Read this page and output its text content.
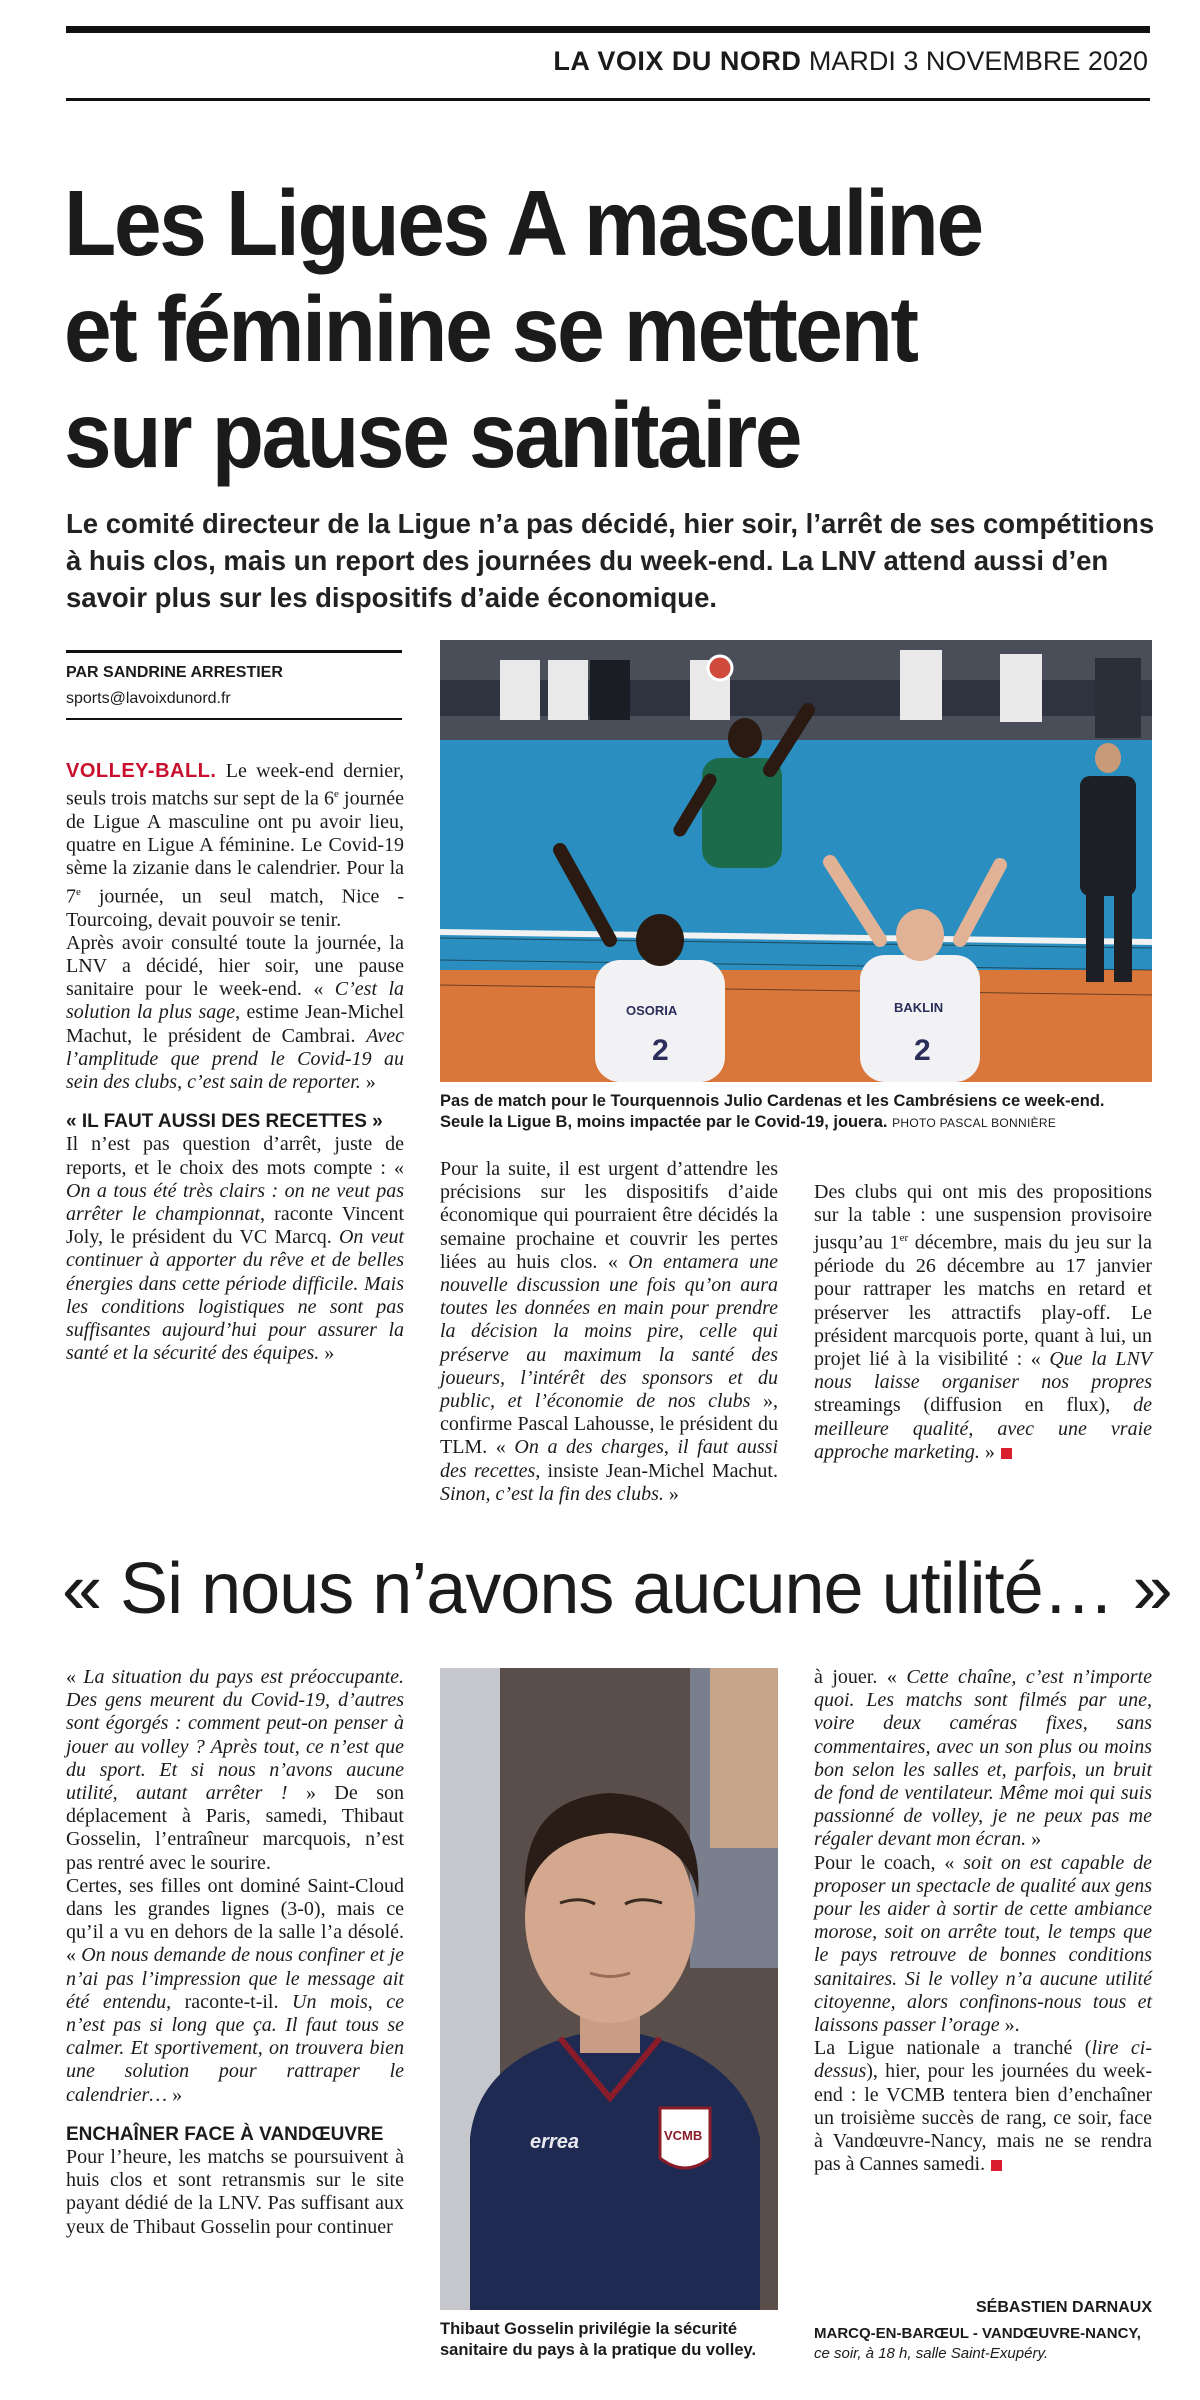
LA VOIX DU NORD MARDI 3 NOVEMBRE 2020
Les Ligues A masculine et féminine se mettent sur pause sanitaire
Le comité directeur de la Ligue n’a pas décidé, hier soir, l’arrêt de ses compétitions à huis clos, mais un report des journées du week-end. La LNV attend aussi d’en savoir plus sur les dispositifs d’aide économique.
PAR SANDRINE ARRESTIER
sports@lavoixdunord.fr

VOLLEY-BALL. Le week-end dernier, seuls trois matchs sur sept de la 6e journée de Ligue A masculine ont pu avoir lieu, quatre en Ligue A féminine. Le Covid-19 sème la zizanie dans le calendrier. Pour la 7e journée, un seul match, Nice - Tourcoing, devait pouvoir se tenir.

Après avoir consulté toute la journée, la LNV a décidé, hier soir, une pause sanitaire pour le week-end. « C’est la solution la plus sage, estime Jean-Michel Machut, le président de Cambrai. Avec l’amplitude que prend le Covid-19 au sein des clubs, c’est sain de reporter. »

« IL FAUT AUSSI DES RECETTES »

Il n’est pas question d’arrêt, juste de reports, et le choix des mots compte : « On a tous été très clairs : on ne veut pas arrêter le championnat, raconte Vincent Joly, le président du VC Marcq. On veut continuer à apporter du rêve et de belles énergies dans cette période difficile. Mais les conditions logistiques ne sont pas suffisantes aujourd’hui pour assurer la santé et la sécurité des équipes. »

OSORIA	BAKLIN
2	2
Pas de match pour le Tourquennois Julio Cardenas et les Cambrésiens ce week-end. Seule la Ligue B, moins impactée par le Covid-19, jouera. PHOTO PASCAL BONNIÈRE

Pour la suite, il est urgent d’attendre les précisions sur les dispositifs d’aide économique qui pourraient être décidés la semaine prochaine et couvrir les pertes liées au huis clos. « On entamera une nouvelle discussion une fois qu’on aura toutes les données en main pour prendre la décision la moins pire, celle qui préserve au maximum la santé des joueurs, l’intérêt des sponsors et du public, et l’économie de nos clubs », confirme Pascal Lahousse, le président du TLM. « On a des charges, il faut aussi des recettes, insiste Jean-Michel Machut. Sinon, c’est la fin des clubs. »

Des clubs qui ont mis des propositions sur la table : une suspension provisoire jusqu’au 1er décembre, mais du jeu sur la période du 26 décembre au 17 janvier pour rattraper les matchs en retard et préserver les attractifs play-off. Le président marcquois porte, quant à lui, un projet lié à la visibilité : « Que la LNV nous laisse organiser nos propres streamings (diffusion en flux), de meilleure qualité, avec une vraie approche marketing. »

« Si nous n’avons aucune utilité… »

« La situation du pays est préoccupante. Des gens meurent du Covid-19, d’autres sont égorgés : comment peut-on penser à jouer au volley ? Après tout, ce n’est que du sport. Et si nous n’avons aucune utilité, autant arrêter ! » De son déplacement à Paris, samedi, Thibaut Gosselin, l’entraîneur marcquois, n’est pas rentré avec le sourire.

Certes, ses filles ont dominé Saint-Cloud dans les grandes lignes (3-0), mais ce qu’il a vu en dehors de la salle l’a désolé. « On nous demande de nous confiner et je n’ai pas l’impression que le message ait été entendu, raconte-t-il. Un mois, ce n’est pas si long que ça. Il faut tous se calmer. Et sportivement, on trouvera bien une solution pour rattraper le calendrier… »

ENCHAÎNER FACE À VANDŒUVRE

Pour l’heure, les matchs se poursuivent à huis clos et sont retransmis sur le site payant dédié de la LNV. Pas suffisant aux yeux de Thibaut Gosselin pour continuer

errea	VCMB
Thibaut Gosselin privilégie la sécurité sanitaire du pays à la pratique du volley.

à jouer. « Cette chaîne, c’est n’importe quoi. Les matchs sont filmés par une, voire deux caméras fixes, sans commentaires, avec un son plus ou moins bon selon les salles et, parfois, un bruit de fond de ventilateur. Même moi qui suis passionné de volley, je ne peux pas me régaler devant mon écran. »

Pour le coach, « soit on est capable de proposer un spectacle de qualité aux gens pour les aider à sortir de cette ambiance morose, soit on arrête tout, le temps que le pays retrouve de bonnes conditions sanitaires. Si le volley n’a aucune utilité citoyenne, alors confinons-nous tous et laissons passer l’orage ».

La Ligue nationale a tranché (lire ci-dessus), hier, pour les journées du week-end : le VCMB tentera bien d’enchaîner un troisième succès de rang, ce soir, face à Vandœuvre-Nancy, mais ne se rendra pas à Cannes samedi.

SÉBASTIEN DARNAUX
MARCQ-EN-BARŒUL - VANDŒUVRE-NANCY, ce soir, à 18 h, salle Saint-Exupéry.
